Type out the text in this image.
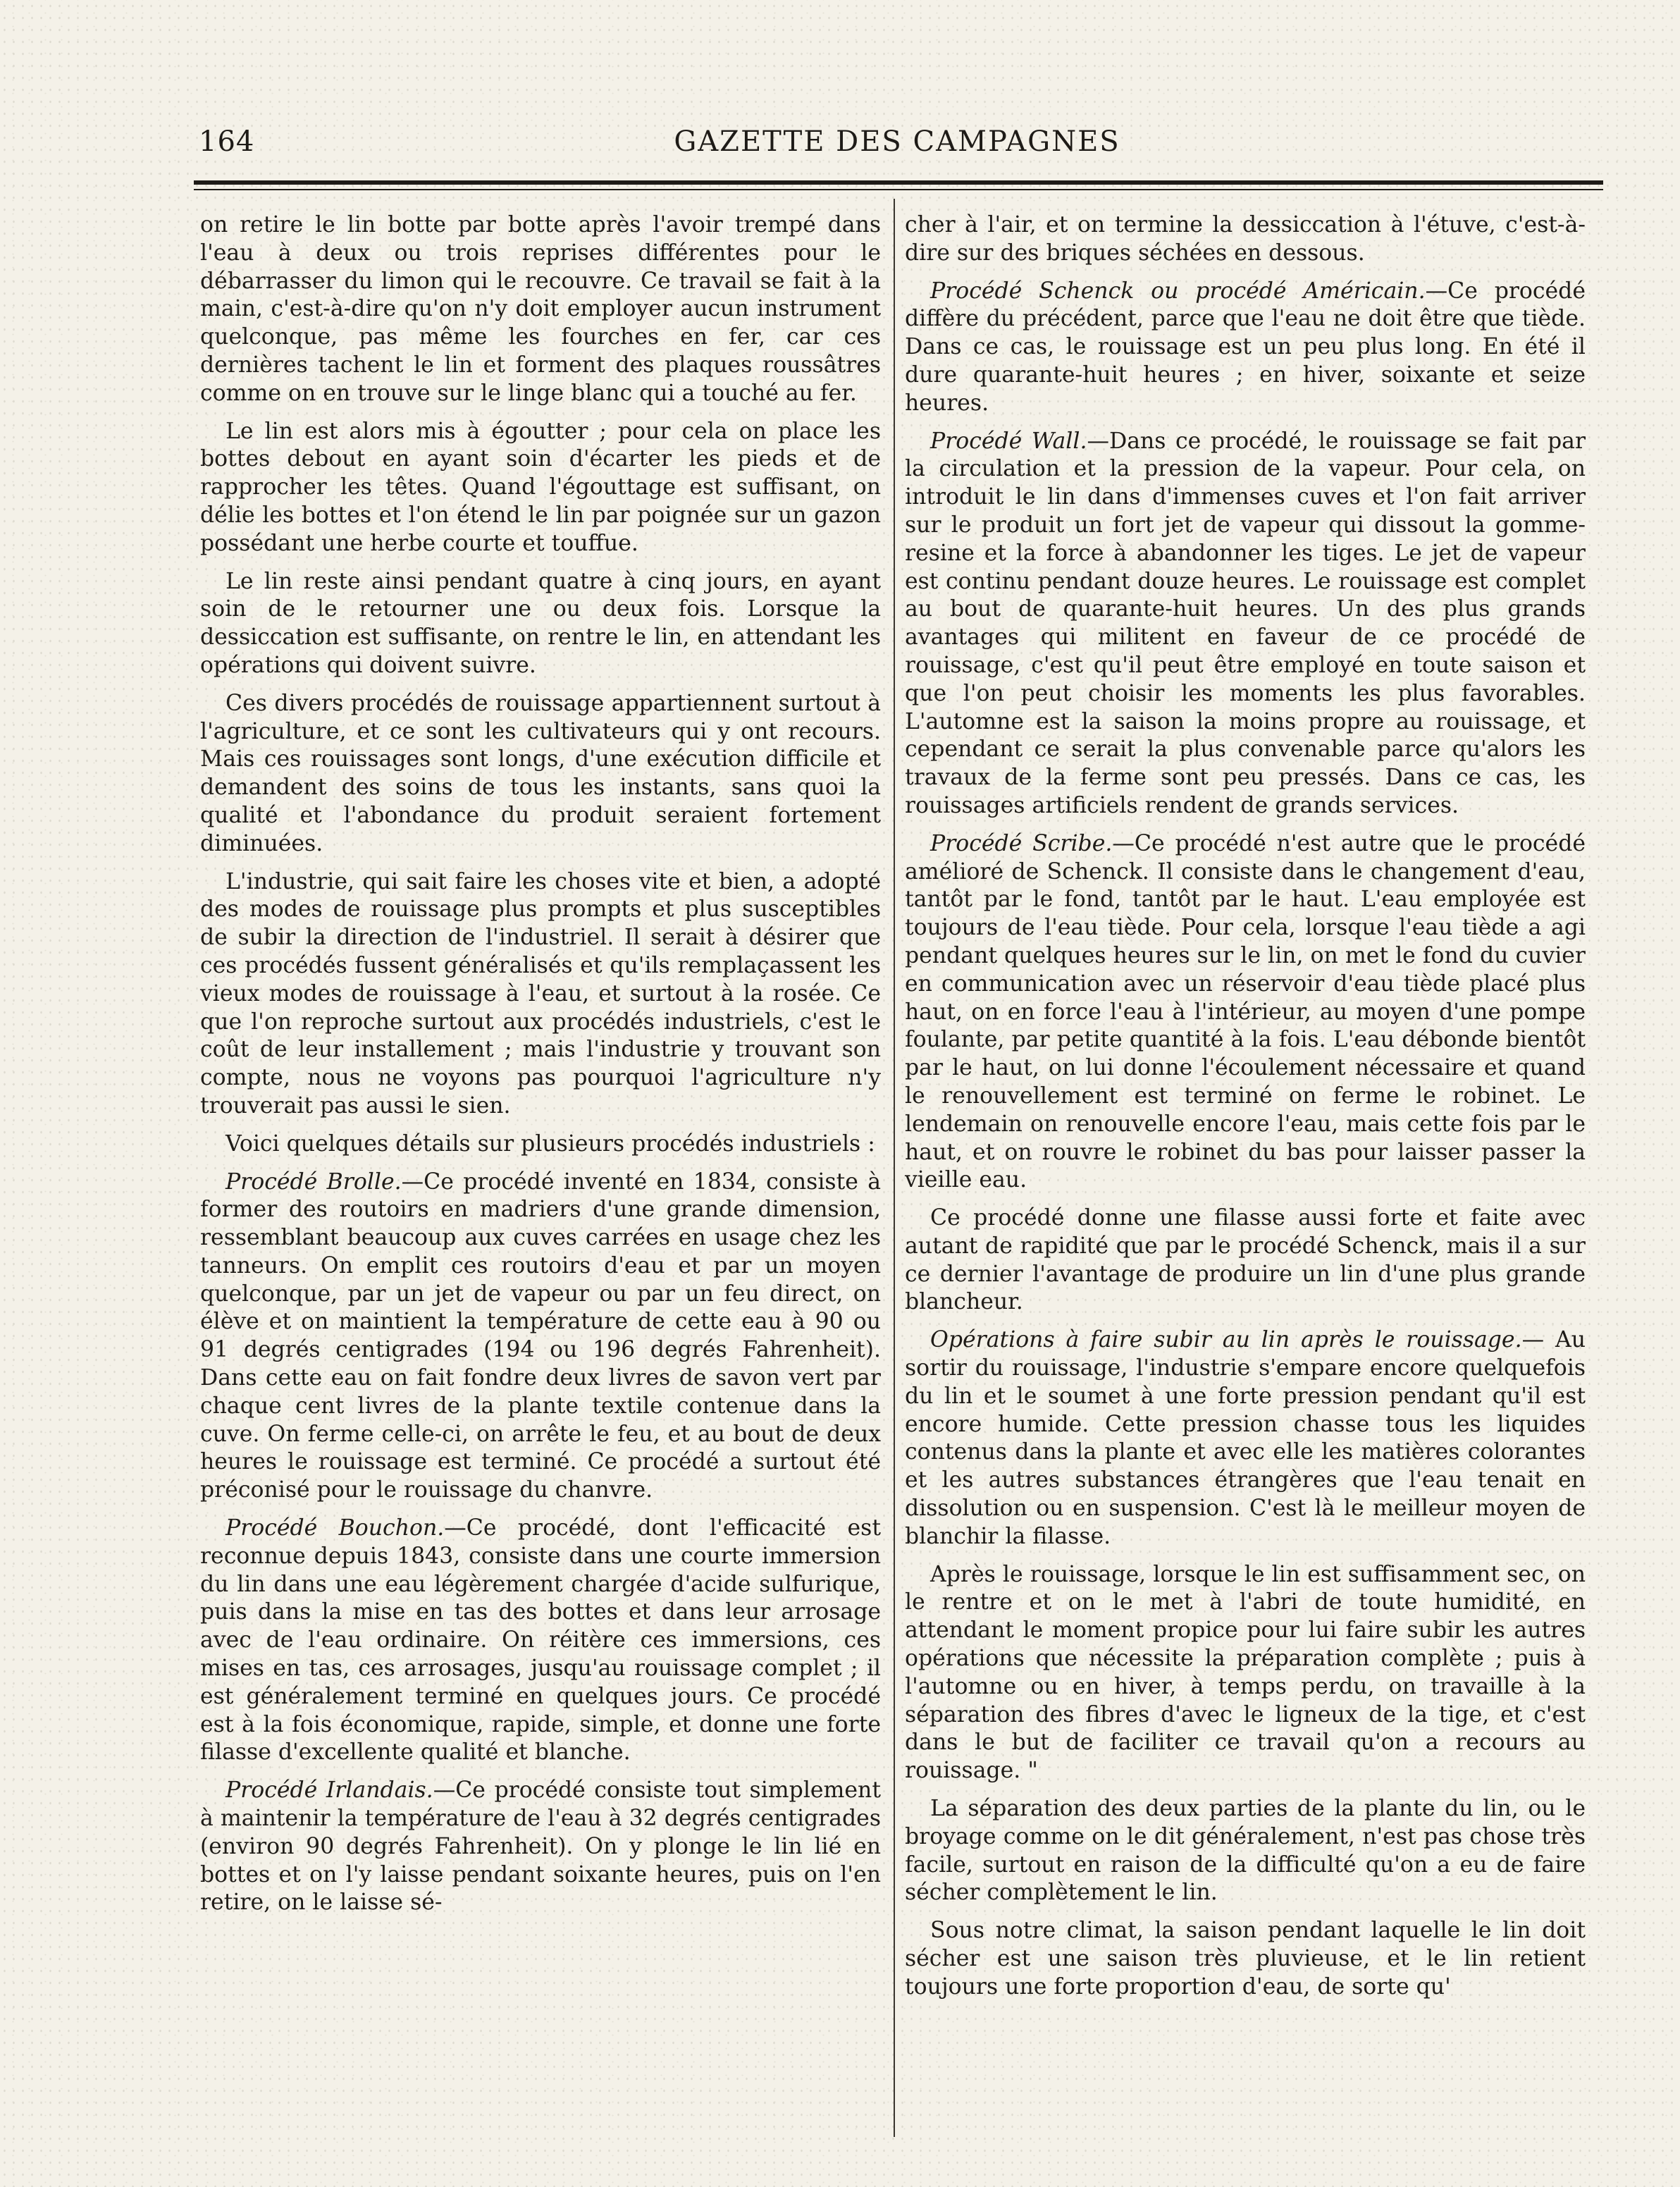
164	GAZETTE DES CAMPAGNES

on retire le lin botte par botte après l'avoir trempé dans l'eau à deux ou trois reprises différentes pour le débarrasser du limon qui le recouvre. Ce travail se fait à la main, c'est-à-dire qu'on n'y doit employer aucun instrument quelconque, pas même les fourches en fer, car ces dernières tachent le lin et forment des plaques roussâtres comme on en trouve sur le linge blanc qui a touché au fer.

Le lin est alors mis à égoutter ; pour cela on place les bottes debout en ayant soin d'écarter les pieds et de rapprocher les têtes. Quand l'égouttage est suffisant, on délie les bottes et l'on étend le lin par poignée sur un gazon possédant une herbe courte et touffue.

Le lin reste ainsi pendant quatre à cinq jours, en ayant soin de le retourner une ou deux fois. Lorsque la dessiccation est suffisante, on rentre le lin, en attendant les opérations qui doivent suivre.

Ces divers procédés de rouissage appartiennent surtout à l'agriculture, et ce sont les cultivateurs qui y ont recours. Mais ces rouissages sont longs, d'une exécution difficile et demandent des soins de tous les instants, sans quoi la qualité et l'abondance du produit seraient fortement diminuées.

L'industrie, qui sait faire les choses vite et bien, a adopté des modes de rouissage plus prompts et plus susceptibles de subir la direction de l'industriel. Il serait à désirer que ces procédés fussent généralisés et qu'ils remplaçassent les vieux modes de rouissage à l'eau, et surtout à la rosée. Ce que l'on reproche surtout aux procédés industriels, c'est le coût de leur installement ; mais l'industrie y trouvant son compte, nous ne voyons pas pourquoi l'agriculture n'y trouverait pas aussi le sien.

Voici quelques détails sur plusieurs procédés industriels :

Procédé Brolle.—Ce procédé inventé en 1834, consiste à former des routoirs en madriers d'une grande dimension, ressemblant beaucoup aux cuves carrées en usage chez les tanneurs. On emplit ces routoirs d'eau et par un moyen quelconque, par un jet de vapeur ou par un feu direct, on élève et on maintient la température de cette eau à 90 ou 91 degrés centigrades (194 ou 196 degrés Fahrenheit). Dans cette eau on fait fondre deux livres de savon vert par chaque cent livres de la plante textile contenue dans la cuve. On ferme celle-ci, on arrête le feu, et au bout de deux heures le rouissage est terminé. Ce procédé a surtout été préconisé pour le rouissage du chanvre.

Procédé Bouchon.—Ce procédé, dont l'efficacité est reconnue depuis 1843, consiste dans une courte immersion du lin dans une eau légèrement chargée d'acide sulfurique, puis dans la mise en tas des bottes et dans leur arrosage avec de l'eau ordinaire. On réitère ces immersions, ces mises en tas, ces arrosages, jusqu'au rouissage complet ; il est généralement terminé en quelques jours. Ce procédé est à la fois économique, rapide, simple, et donne une forte filasse d'excellente qualité et blanche.

Procédé Irlandais.—Ce procédé consiste tout simplement à maintenir la température de l'eau à 32 degrés centigrades (environ 90 degrés Fahrenheit). On y plonge le lin lié en bottes et on l'y laisse pendant soixante heures, puis on l'en retire, on le laisse sé-

cher à l'air, et on termine la dessiccation à l'étuve, c'est-à-dire sur des briques séchées en dessous.

Procédé Schenck ou procédé Américain.—Ce procédé diffère du précédent, parce que l'eau ne doit être que tiède. Dans ce cas, le rouissage est un peu plus long. En été il dure quarante-huit heures ; en hiver, soixante et seize heures.

Procédé Wall.—Dans ce procédé, le rouissage se fait par la circulation et la pression de la vapeur. Pour cela, on introduit le lin dans d'immenses cuves et l'on fait arriver sur le produit un fort jet de vapeur qui dissout la gomme-resine et la force à abandonner les tiges. Le jet de vapeur est continu pendant douze heures. Le rouissage est complet au bout de quarante-huit heures. Un des plus grands avantages qui militent en faveur de ce procédé de rouissage, c'est qu'il peut être employé en toute saison et que l'on peut choisir les moments les plus favorables. L'automne est la saison la moins propre au rouissage, et cependant ce serait la plus convenable parce qu'alors les travaux de la ferme sont peu pressés. Dans ce cas, les rouissages artificiels rendent de grands services.

Procédé Scribe.—Ce procédé n'est autre que le procédé amélioré de Schenck. Il consiste dans le changement d'eau, tantôt par le fond, tantôt par le haut. L'eau employée est toujours de l'eau tiède. Pour cela, lorsque l'eau tiède a agi pendant quelques heures sur le lin, on met le fond du cuvier en communication avec un réservoir d'eau tiède placé plus haut, on en force l'eau à l'intérieur, au moyen d'une pompe foulante, par petite quantité à la fois. L'eau débonde bientôt par le haut, on lui donne l'écoulement nécessaire et quand le renouvellement est terminé on ferme le robinet. Le lendemain on renouvelle encore l'eau, mais cette fois par le haut, et on rouvre le robinet du bas pour laisser passer la vieille eau.

Ce procédé donne une filasse aussi forte et faite avec autant de rapidité que par le procédé Schenck, mais il a sur ce dernier l'avantage de produire un lin d'une plus grande blancheur.

Opérations à faire subir au lin après le rouissage.— Au sortir du rouissage, l'industrie s'empare encore quelquefois du lin et le soumet à une forte pression pendant qu'il est encore humide. Cette pression chasse tous les liquides contenus dans la plante et avec elle les matières colorantes et les autres substances étrangères que l'eau tenait en dissolution ou en suspension. C'est là le meilleur moyen de blanchir la filasse.

Après le rouissage, lorsque le lin est suffisamment sec, on le rentre et on le met à l'abri de toute humidité, en attendant le moment propice pour lui faire subir les autres opérations que nécessite la préparation complète ; puis à l'automne ou en hiver, à temps perdu, on travaille à la séparation des fibres d'avec le ligneux de la tige, et c'est dans le but de faciliter ce travail qu'on a recours au rouissage. "

La séparation des deux parties de la plante du lin, ou le broyage comme on le dit généralement, n'est pas chose très facile, surtout en raison de la difficulté qu'on a eu de faire sécher complètement le lin.

Sous notre climat, la saison pendant laquelle le lin doit sécher est une saison très pluvieuse, et le lin retient toujours une forte proportion d'eau, de sorte qu'
